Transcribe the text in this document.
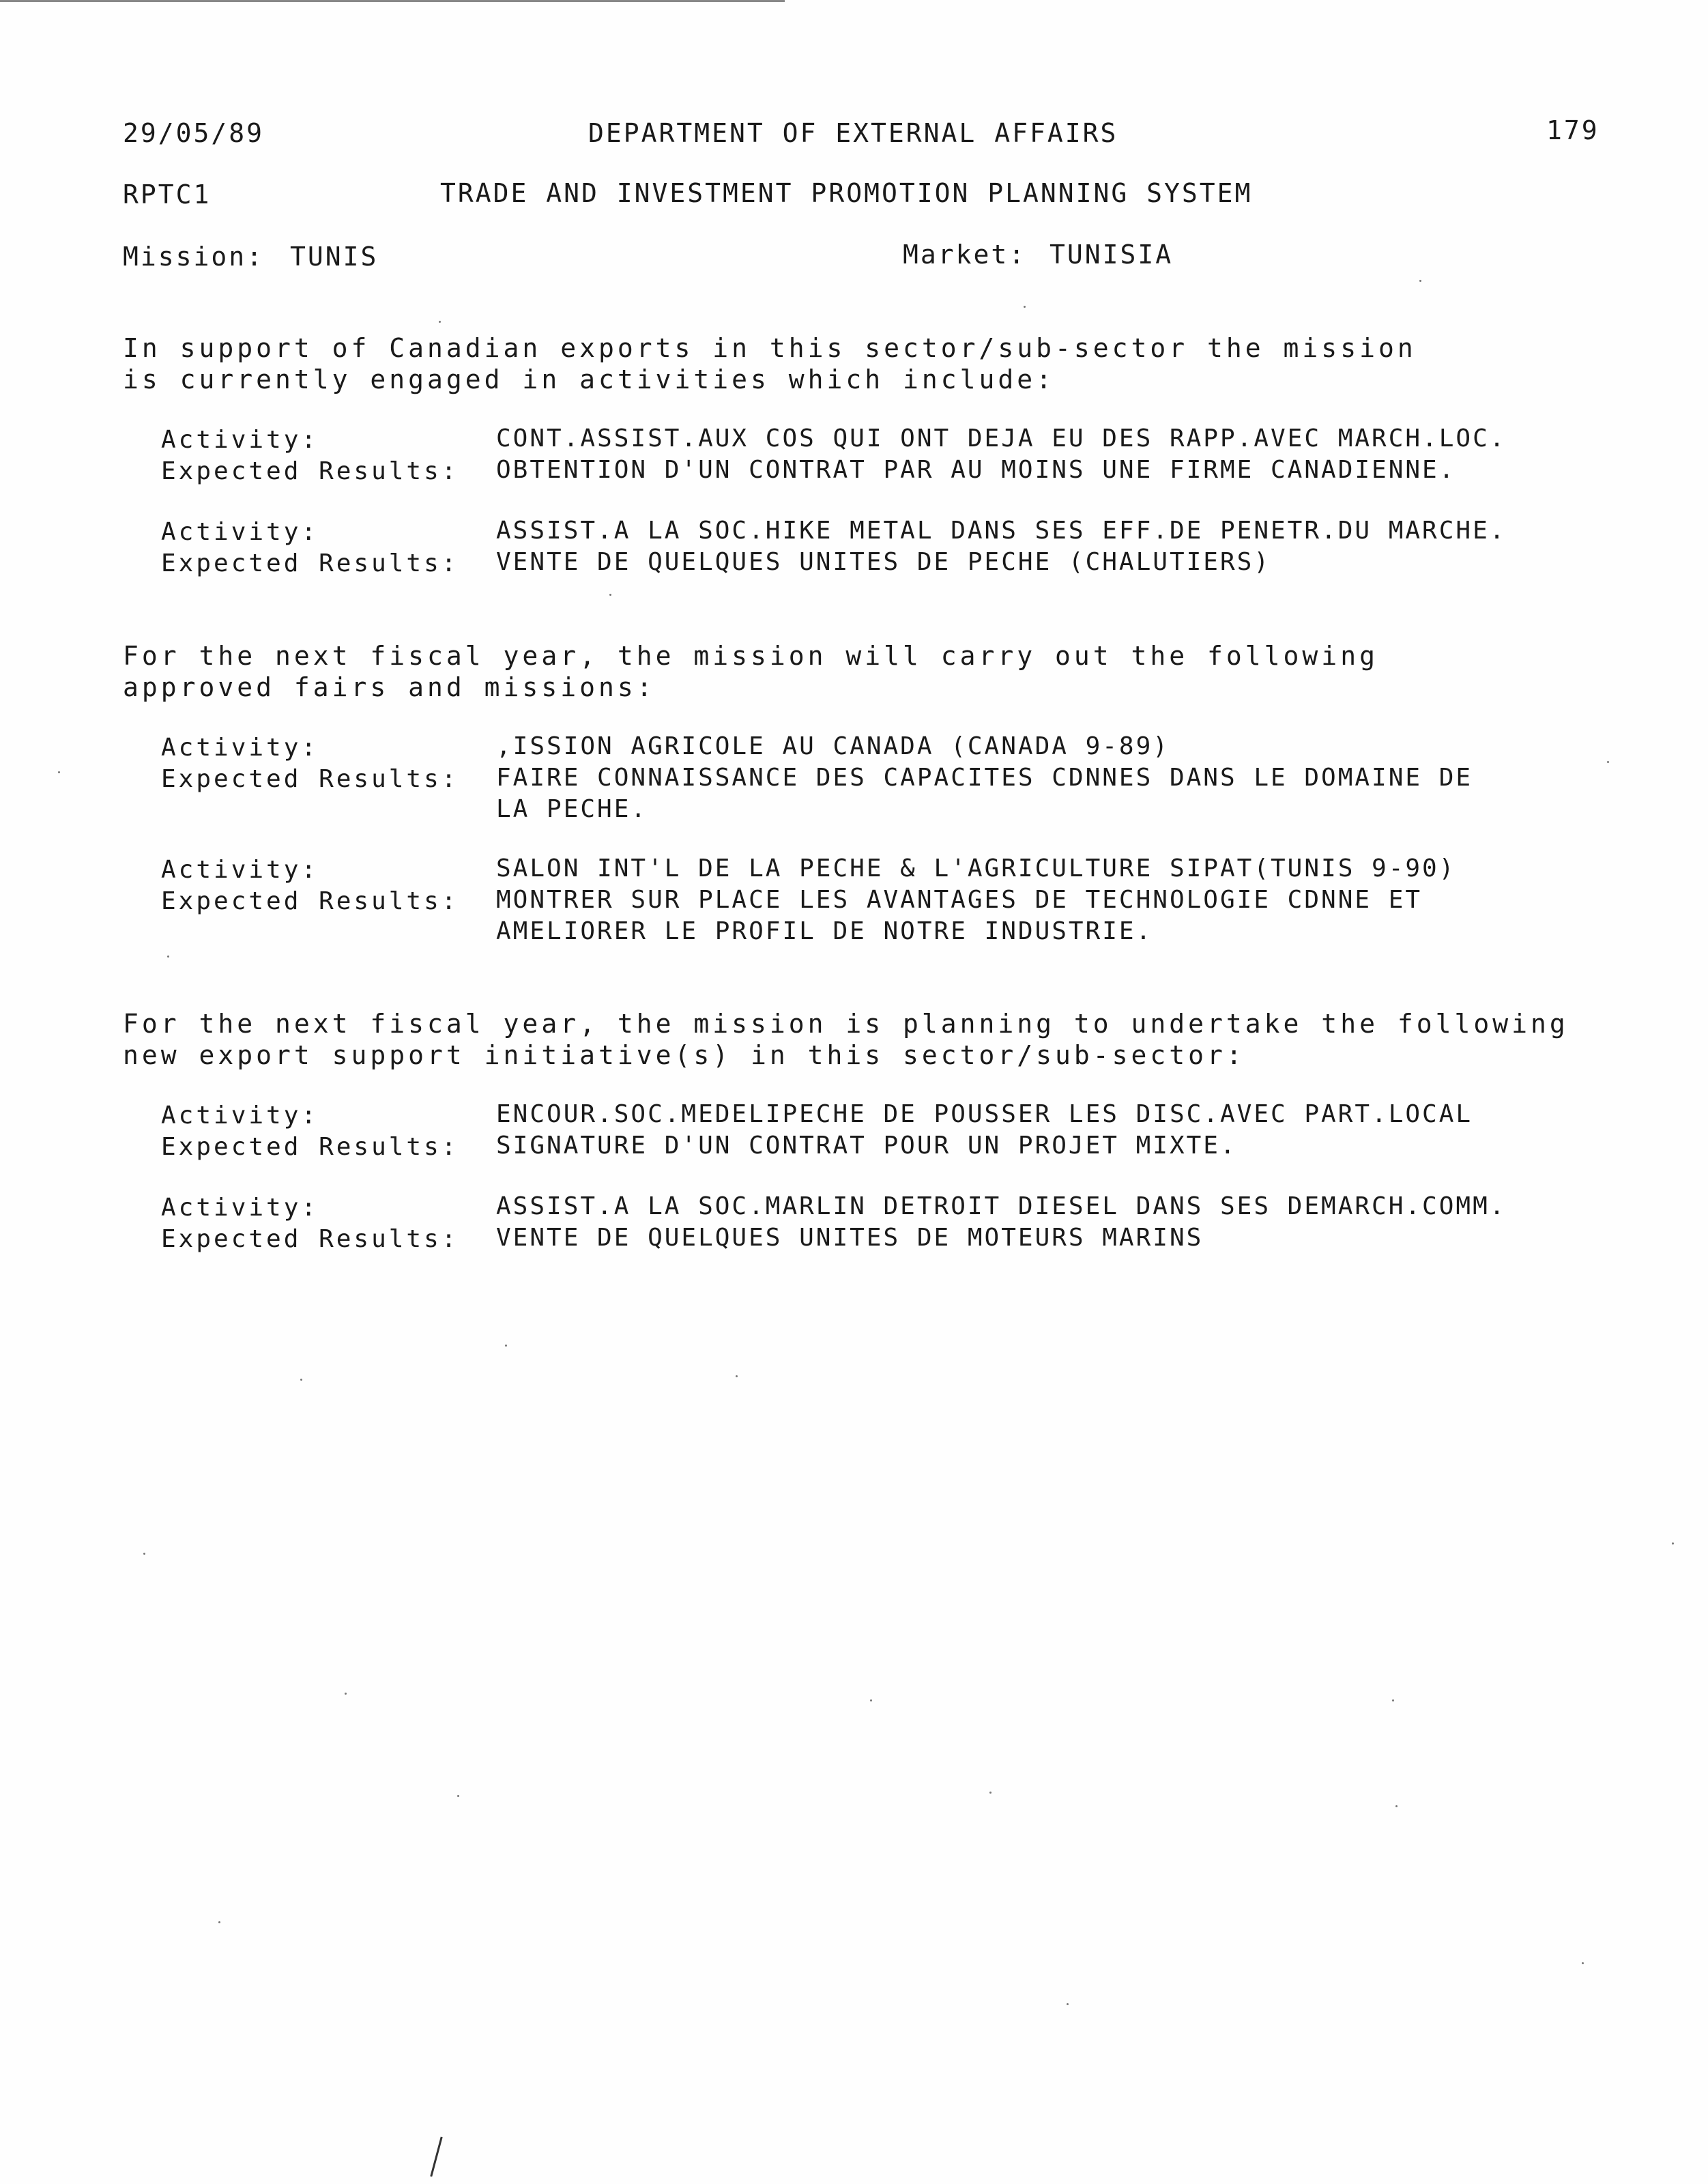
29/05/89	DEPARTMENT OF EXTERNAL AFFAIRS	179
RPTC1	TRADE AND INVESTMENT PROMOTION PLANNING SYSTEM
Mission: TUNIS	Market: TUNISIA
In support of Canadian exports in this sector/sub-sector the mission
is currently engaged in activities which include:
Activity:	CONT.ASSIST.AUX COS QUI ONT DEJA EU DES RAPP.AVEC MARCH.LOC.
Expected Results: OBTENTION D'UN CONTRAT PAR AU MOINS UNE FIRME CANADIENNE.
Activity:	ASSIST.A LA SOC.HIKE METAL DANS SES EFF.DE PENETR.DU MARCHE.
Expected Results: VENTE DE QUELQUES UNITES DE PECHE (CHALUTIERS)
For the next fiscal year, the mission will carry out the following
approved fairs and missions:
Activity:	,ISSION AGRICOLE AU CANADA (CANADA 9-89)
Expected Results: FAIRE CONNAISSANCE DES CAPACITES CDNNES DANS LE DOMAINE DE
LA PECHE.
Activity:	SALON INT'L DE LA PECHE & L'AGRICULTURE SIPAT(TUNIS 9-90)
Expected Results: MONTRER SUR PLACE LES AVANTAGES DE TECHNOLOGIE CDNNE ET
AMELIORER LE PROFIL DE NOTRE INDUSTRIE.
For the next fiscal year, the mission is planning to undertake the following
new export support initiative(s) in this sector/sub-sector:
Activity:	ENCOUR.SOC.MEDELIPECHE DE POUSSER LES DISC.AVEC PART.LOCAL
Expected Results: SIGNATURE D'UN CONTRAT POUR UN PROJET MIXTE.
Activity:	ASSIST.A LA SOC.MARLIN DETROIT DIESEL DANS SES DEMARCH.COMM.
Expected Results: VENTE DE QUELQUES UNITES DE MOTEURS MARINS
